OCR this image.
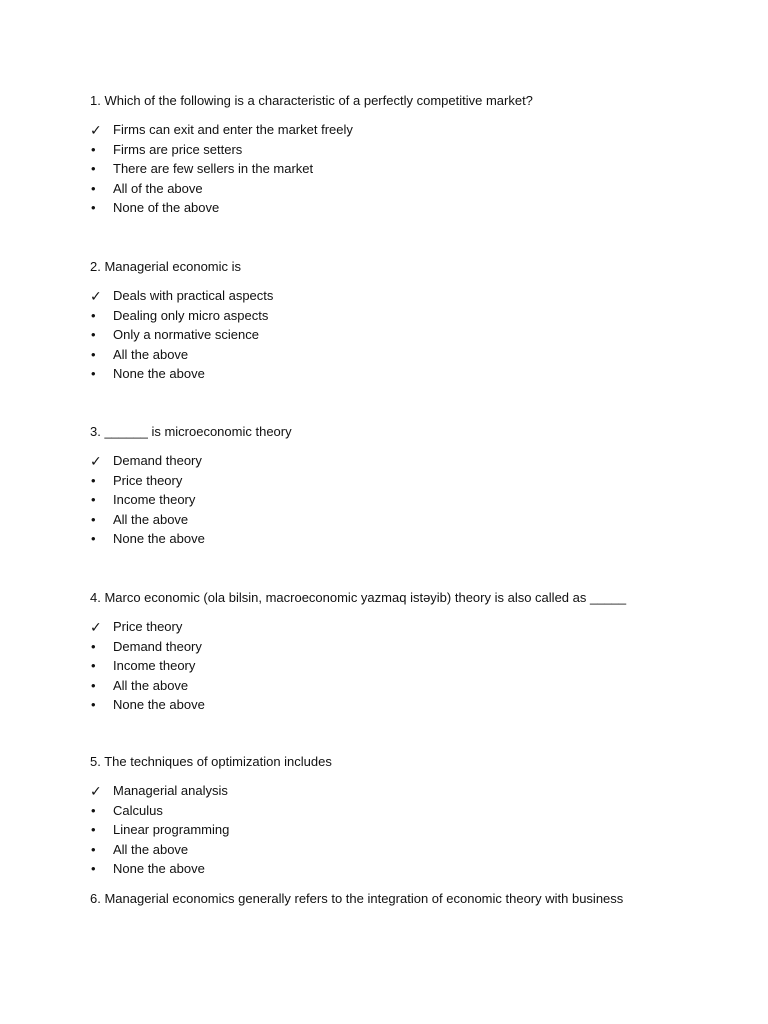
1. Which of the following is a characteristic of a perfectly competitive market?

✓ Firms can exit and enter the market freely
•	Firms are price setters
•	There are few sellers in the market
•	All of the above
•	None of the above

2. Managerial economic is

✓ Deals with practical aspects
•	Dealing only micro aspects
•	Only a normative science
•	All the above
•	None the above

3. ______ is microeconomic theory

✓ Demand theory
•	Price theory
•	Income theory
•	All the above
•	None the above

4. Marco economic (ola bilsin, macroeconomic yazmaq istəyib) theory is also called as _____

✓ Price theory
•	Demand theory
•	Income theory
•	All the above
•	None the above

5. The techniques of optimization includes

✓ Managerial analysis
•	Calculus
•	Linear programming
•	All the above
•	None the above

6. Managerial economics generally refers to the integration of economic theory with business
